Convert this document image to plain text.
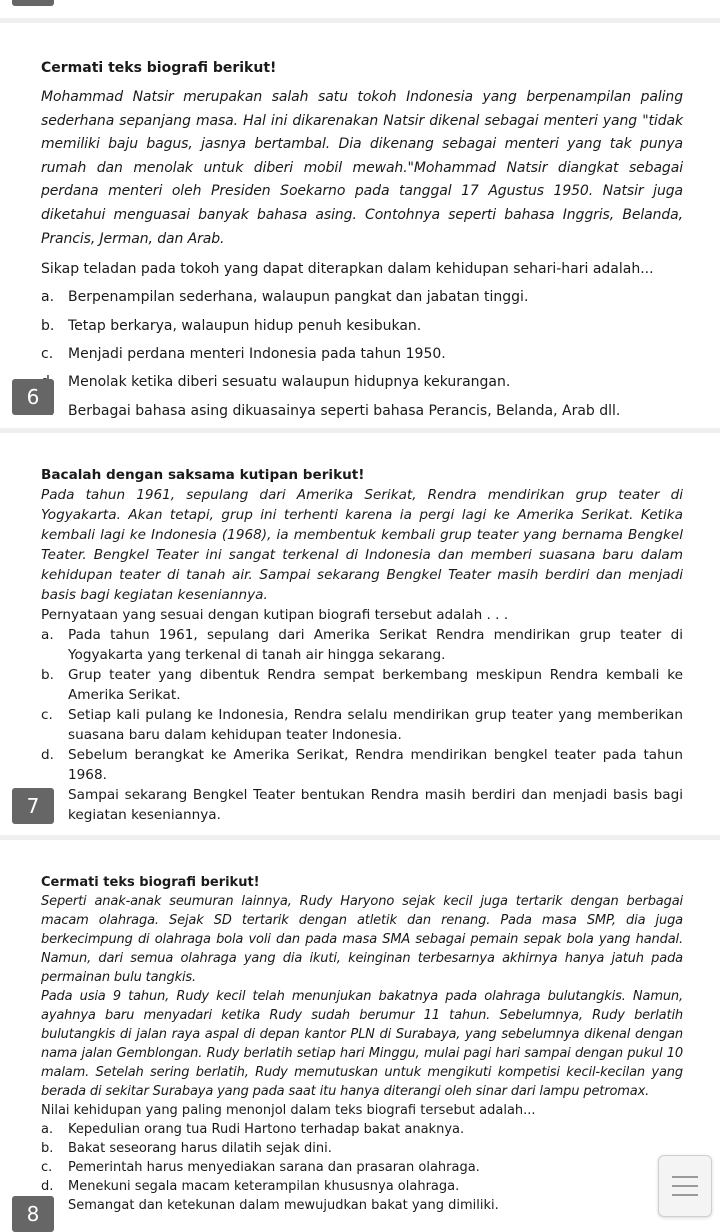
Cermati teks biografi berikut!
Mohammad Natsir merupakan salah satu tokoh Indonesia yang berpenampilan paling sederhana sepanjang masa. Hal ini dikarenakan Natsir dikenal sebagai menteri yang "tidak memiliki baju bagus, jasnya bertambal. Dia dikenang sebagai menteri yang tak punya rumah dan menolak untuk diberi mobil mewah."Mohammad Natsir diangkat sebagai perdana menteri oleh Presiden Soekarno pada tanggal 17 Agustus 1950. Natsir juga diketahui menguasai banyak bahasa asing. Contohnya seperti bahasa Inggris, Belanda, Prancis, Jerman, dan Arab.
Sikap teladan pada tokoh yang dapat diterapkan dalam kehidupan sehari-hari adalah...
a. Berpenampilan sederhana, walaupun pangkat dan jabatan tinggi.
b. Tetap berkarya, walaupun hidup penuh kesibukan.
c. Menjadi perdana menteri Indonesia pada tahun 1950.
Menolak ketika diberi sesuatu walaupun hidupnya kekurangan.
Berbagai bahasa asing dikuasainya seperti bahasa Perancis, Belanda, Arab dll.
6
Bacalah dengan saksama kutipan berikut!
Pada tahun 1961, sepulang dari Amerika Serikat, Rendra mendirikan grup teater di Yogyakarta. Akan tetapi, grup ini terhenti karena ia pergi lagi ke Amerika Serikat. Ketika kembali lagi ke Indonesia (1968), ia membentuk kembali grup teater yang bernama Bengkel Teater. Bengkel Teater ini sangat terkenal di Indonesia dan memberi suasana baru dalam kehidupan teater di tanah air. Sampai sekarang Bengkel Teater masih berdiri dan menjadi basis bagi kegiatan keseniannya.
Pernyataan yang sesuai dengan kutipan biografi tersebut adalah . . .
a. Pada tahun 1961, sepulang dari Amerika Serikat Rendra mendirikan grup teater di Yogyakarta yang terkenal di tanah air hingga sekarang.
b. Grup teater yang dibentuk Rendra sempat berkembang meskipun Rendra kembali ke Amerika Serikat.
c. Setiap kali pulang ke Indonesia, Rendra selalu mendirikan grup teater yang memberikan suasana baru dalam kehidupan teater Indonesia.
d. Sebelum berangkat ke Amerika Serikat, Rendra mendirikan bengkel teater pada tahun 1968.
Sampai sekarang Bengkel Teater bentukan Rendra masih berdiri dan menjadi basis bagi kegiatan keseniannya.
7
Cermati teks biografi berikut!
Seperti anak-anak seumuran lainnya, Rudy Haryono sejak kecil juga tertarik dengan berbagai macam olahraga. Sejak SD tertarik dengan atletik dan renang. Pada masa SMP, dia juga berkecimpung di olahraga bola voli dan pada masa SMA sebagai pemain sepak bola yang handal. Namun, dari semua olahraga yang dia ikuti, keinginan terbesarnya akhirnya hanya jatuh pada permainan bulu tangkis.
Pada usia 9 tahun, Rudy kecil telah menunjukan bakatnya pada olahraga bulutangkis. Namun, ayahnya baru menyadari ketika Rudy sudah berumur 11 tahun. Sebelumnya, Rudy berlatih bulutangkis di jalan raya aspal di depan kantor PLN di Surabaya, yang sebelumnya dikenal dengan nama jalan Gemblongan. Rudy berlatih setiap hari Minggu, mulai pagi hari sampai dengan pukul 10 malam. Setelah sering berlatih, Rudy memutuskan untuk mengikuti kompetisi kecil-kecilan yang berada di sekitar Surabaya yang pada saat itu hanya diterangi oleh sinar dari lampu petromax.
Nilai kehidupan yang paling menonjol dalam teks biografi tersebut adalah...
a. Kepedulian orang tua Rudi Hartono terhadap bakat anaknya.
b. Bakat seseorang harus dilatih sejak dini.
c. Pemerintah harus menyediakan sarana dan prasaran olahraga.
d. Menekuni segala macam keterampilan khususnya olahraga.
Semangat dan ketekunan dalam mewujudkan bakat yang dimiliki.
8
